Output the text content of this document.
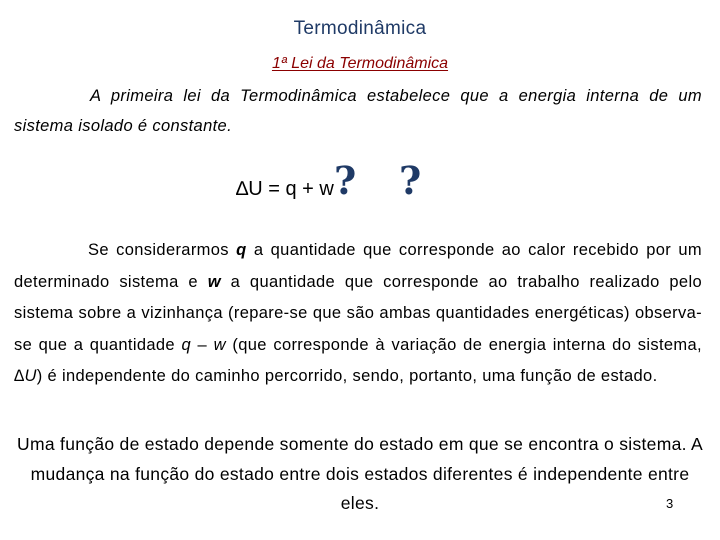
Termodinâmica
1ª Lei da Termodinâmica
A primeira lei da Termodinâmica estabelece que a energia interna de um sistema isolado é constante.
∆U = q + w ? ?
Se considerarmos q a quantidade que corresponde ao calor recebido por um determinado sistema e w a quantidade que corresponde ao trabalho realizado pelo sistema sobre a vizinhança (repare-se que são ambas quantidades energéticas) observa-se que a quantidade q – w (que corresponde à variação de energia interna do sistema, ∆U) é independente do caminho percorrido, sendo, portanto, uma função de estado.
Uma função de estado depende somente do estado em que se encontra o sistema. A mudança na função do estado entre dois estados diferentes é independente entre eles.	3
